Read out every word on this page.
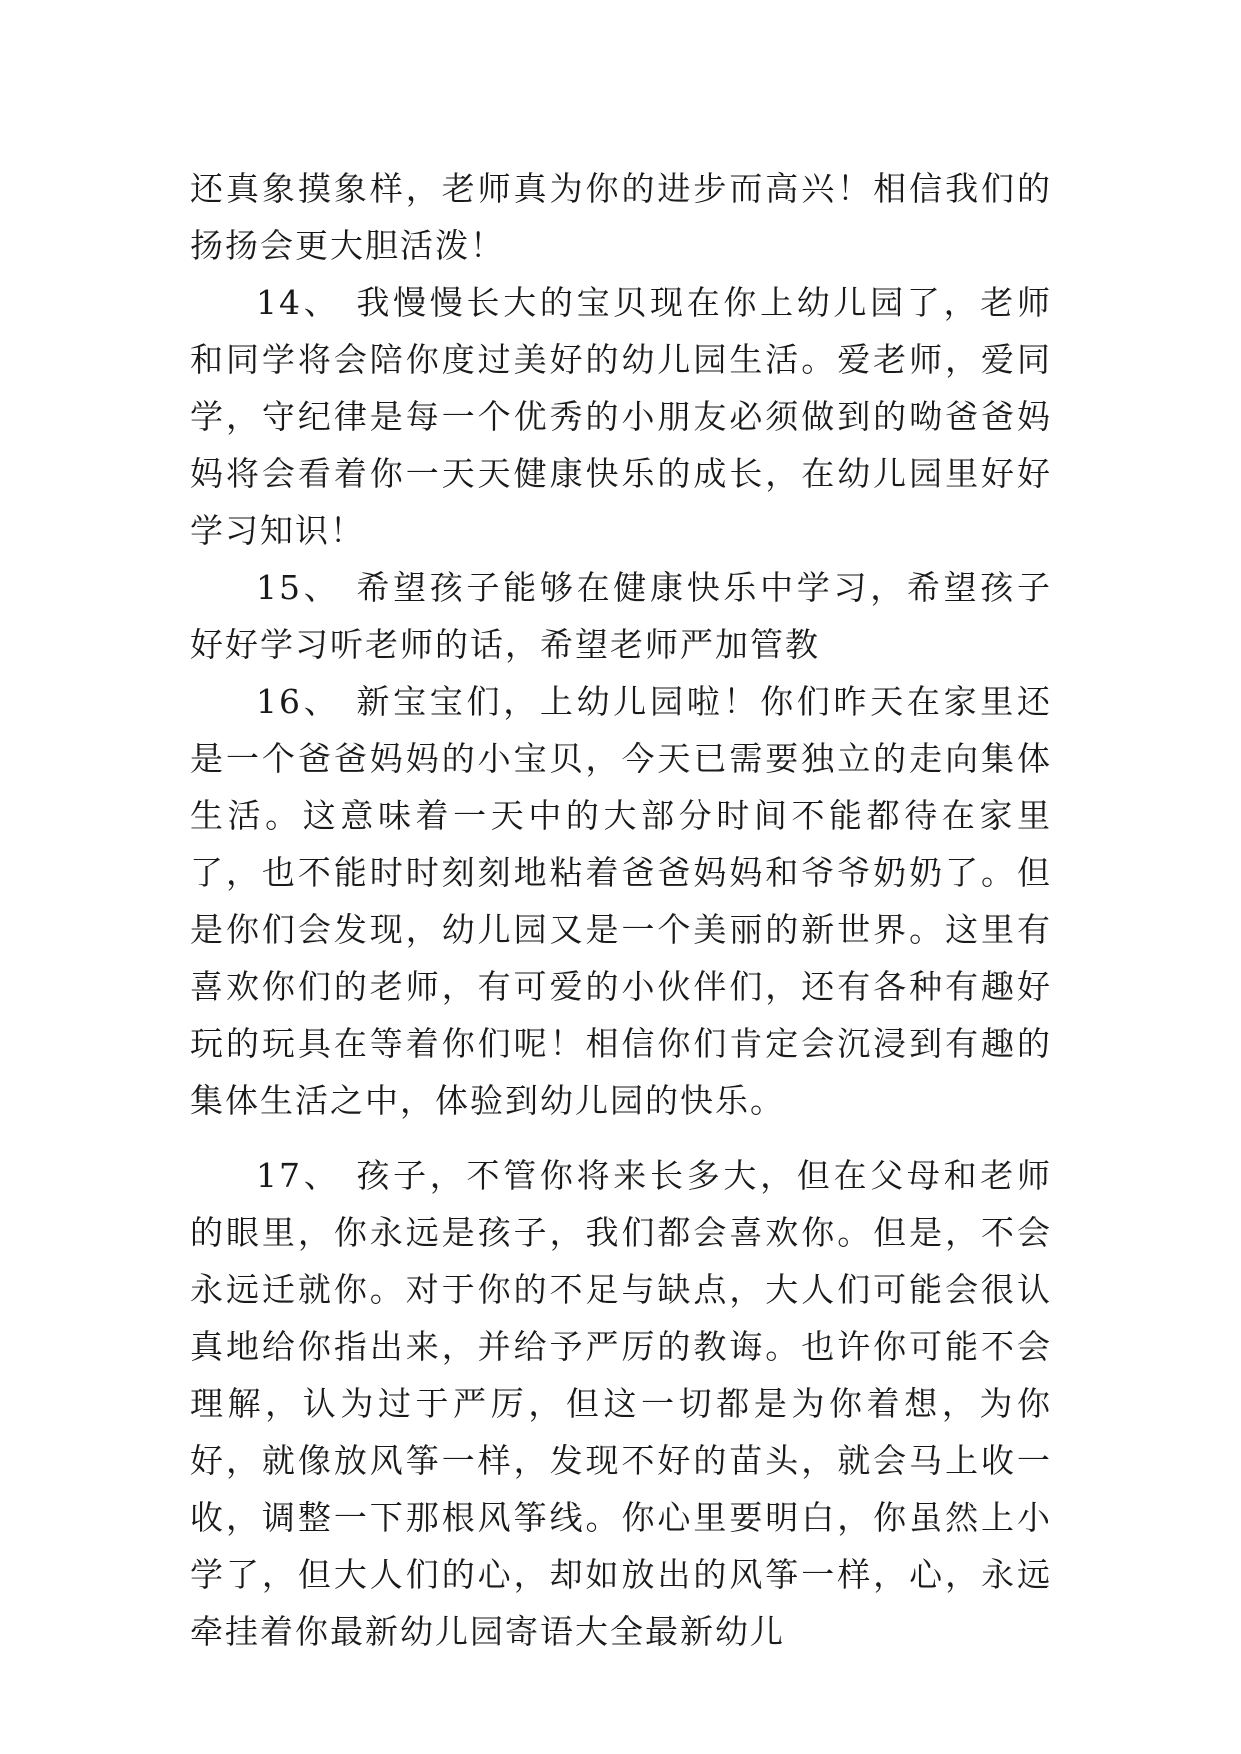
还真象摸象样，老师真为你的进步而高兴！相信我们的扬扬会更大胆活泼！

14、 我慢慢长大的宝贝现在你上幼儿园了，老师和同学将会陪你度过美好的幼儿园生活。爱老师，爱同学，守纪律是每一个优秀的小朋友必须做到的呦爸爸妈妈将会看着你一天天健康快乐的成长，在幼儿园里好好学习知识！

15、 希望孩子能够在健康快乐中学习，希望孩子好好学习听老师的话，希望老师严加管教

16、 新宝宝们，上幼儿园啦！你们昨天在家里还是一个爸爸妈妈的小宝贝，今天已需要独立的走向集体生活。这意味着一天中的大部分时间不能都待在家里了，也不能时时刻刻地粘着爸爸妈妈和爷爷奶奶了。但是你们会发现，幼儿园又是一个美丽的新世界。这里有喜欢你们的老师，有可爱的小伙伴们，还有各种有趣好玩的玩具在等着你们呢！相信你们肯定会沉浸到有趣的集体生活之中，体验到幼儿园的快乐。

17、 孩子，不管你将来长多大，但在父母和老师的眼里，你永远是孩子，我们都会喜欢你。但是，不会永远迁就你。对于你的不足与缺点，大人们可能会很认真地给你指出来，并给予严厉的教诲。也许你可能不会理解，认为过于严厉，但这一切都是为你着想，为你好，就像放风筝一样，发现不好的苗头，就会马上收一收，调整一下那根风筝线。你心里要明白，你虽然上小学了，但大人们的心，却如放出的风筝一样，心，永远牵挂着你最新幼儿园寄语大全最新幼儿
